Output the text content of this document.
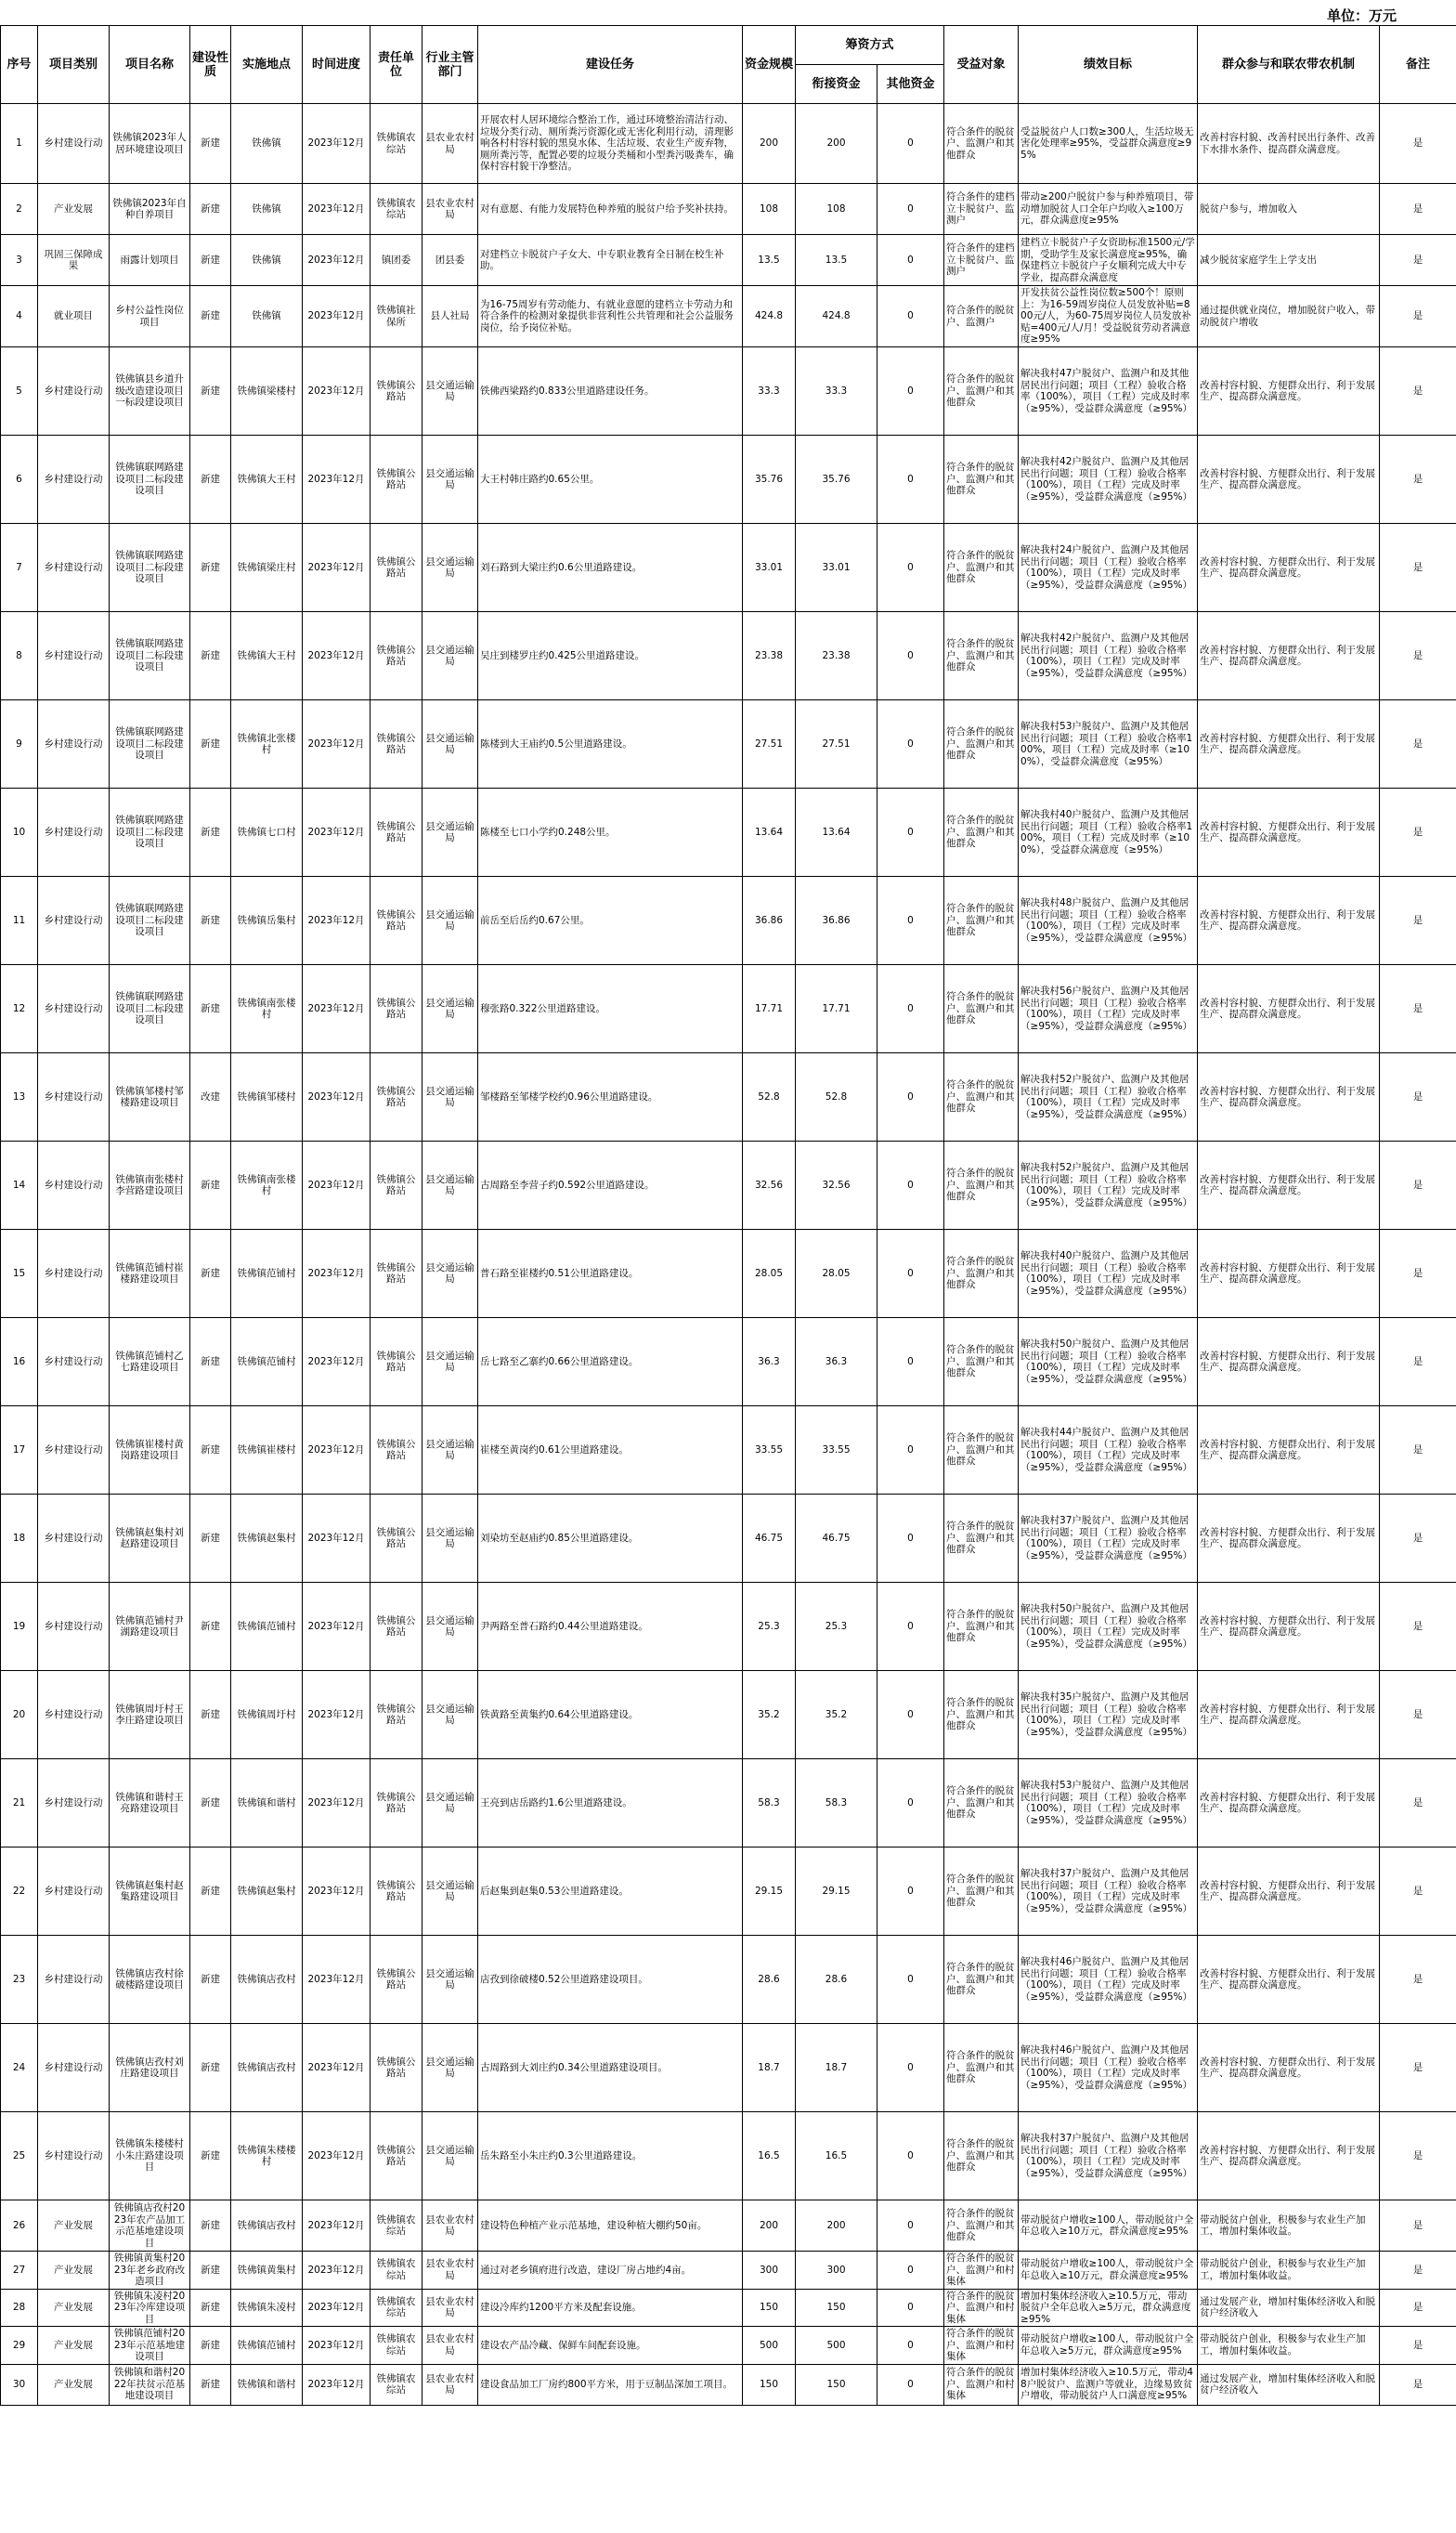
单位：万元
序号	项目类别	项目名称	建设性质	实施地点	时间进度	责任单位	行业主管部门	建设任务	资金规模	筹资方式		受益对象	绩效目标	群众参与和联农带农机制	备注
										衔接资金	其他资金				

1	乡村建设行动	铁佛镇2023年人居环境建设项目	新建	铁佛镇	2023年12月	铁佛镇农综站	县农业农村局	开展农村人居环境综合整治工作，通过环境整治清洁行动、垃圾分类行动、厕所粪污资源化或无害化利用行动，清理影响各村村容村貌的黑臭水体、生活垃圾、农业生产废弃物，厕所粪污等，配置必要的垃圾分类桶和小型粪污吸粪车，确保村容村貌干净整洁。	200	200	0	符合条件的脱贫户、监测户和其他群众	受益脱贫户人口数≥300人，生活垃圾无害化处理率≥95%，受益群众满意度≥95%	改善村容村貌、改善村民出行条件、改善下水排水条件、提高群众满意度。	是

2	产业发展	铁佛镇2023年自种自养项目	新建	铁佛镇	2023年12月	铁佛镇农综站	县农业农村局	对有意愿、有能力发展特色种养殖的脱贫户给予奖补扶持。	108	108	0	符合条件的建档立卡脱贫户、监测户	带动≥200户脱贫户参与种养殖项目，带动增加脱贫人口全年户均收入≥100万元，群众满意度≥95%	脱贫户参与，增加收入	是

3	巩固三保障成果	雨露计划项目	新建	铁佛镇	2023年12月	镇团委	团县委	对建档立卡脱贫户子女大、中专职业教育全日制在校生补助。	13.5	13.5	0	符合条件的建档立卡脱贫户、监测户	建档立卡脱贫户子女资助标准1500元/学期，受助学生及家长满意度≥95%，确保建档立卡脱贫户子女顺利完成大中专学业，提高群众满意度	减少脱贫家庭学生上学支出	是

4	就业项目	乡村公益性岗位项目	新建	铁佛镇	2023年12月	铁佛镇社保所	县人社局	为16-75周岁有劳动能力、有就业意愿的建档立卡劳动力和符合条件的检测对象提供非营利性公共管理和社会公益服务岗位，给予岗位补贴。	424.8	424.8	0	符合条件的脱贫户、监测户	开发扶贫公益性岗位数≥500个！原则上：为16-59周岁岗位人员发放补贴=800元/人，为60-75周岁岗位人员发放补贴=400元/人/月！受益脱贫劳动者满意度≥95%	通过提供就业岗位，增加脱贫户收入，带动脱贫户增收	是

5	乡村建设行动	铁佛镇县乡道升级改造建设项目一标段建设项目	新建	铁佛镇梁楼村	2023年12月	铁佛镇公路站	县交通运输局	铁佛西梁路约0.833公里道路建设任务。	33.3	33.3	0	符合条件的脱贫户、监测户和其他群众	解决我村47户脱贫户、监测户和及其他居民出行问题；项目（工程）验收合格率（100%），项目（工程）完成及时率（≥95%），受益群众满意度（≥95%）	改善村容村貌、方便群众出行、利于发展生产、提高群众满意度。	是

6	乡村建设行动	铁佛镇联网路建设项目二标段建设项目	新建	铁佛镇大王村	2023年12月	铁佛镇公路站	县交通运输局	大王村韩庄路约0.65公里。	35.76	35.76	0	符合条件的脱贫户、监测户和其他群众	解决我村42户脱贫户、监测户及其他居民出行问题；项目（工程）验收合格率（100%），项目（工程）完成及时率（≥95%），受益群众满意度（≥95%）	改善村容村貌、方便群众出行、利于发展生产、提高群众满意度。	是

7	乡村建设行动	铁佛镇联网路建设项目二标段建设项目	新建	铁佛镇梁庄村	2023年12月	铁佛镇公路站	县交通运输局	刘石路到大梁庄约0.6公里道路建设。	33.01	33.01	0	符合条件的脱贫户、监测户和其他群众	解决我村24户脱贫户、监测户及其他居民出行问题；项目（工程）验收合格率（100%），项目（工程）完成及时率（≥95%），受益群众满意度（≥95%）	改善村容村貌、方便群众出行、利于发展生产、提高群众满意度。	是

8	乡村建设行动	铁佛镇联网路建设项目二标段建设项目	新建	铁佛镇大王村	2023年12月	铁佛镇公路站	县交通运输局	吴庄到楼罗庄约0.425公里道路建设。	23.38	23.38	0	符合条件的脱贫户、监测户和其他群众	解决我村42户脱贫户、监测户及其他居民出行问题；项目（工程）验收合格率（100%），项目（工程）完成及时率（≥95%），受益群众满意度（≥95%）	改善村容村貌、方便群众出行、利于发展生产、提高群众满意度。	是

9	乡村建设行动	铁佛镇联网路建设项目二标段建设项目	新建	铁佛镇北张楼村	2023年12月	铁佛镇公路站	县交通运输局	陈楼到大王庙约0.5公里道路建设。	27.51	27.51	0	符合条件的脱贫户、监测户和其他群众	解决我村53户脱贫户、监测户及其他居民出行问题；项目（工程）验收合格率100%，项目（工程）完成及时率（≥100%），受益群众满意度（≥95%）	改善村容村貌、方便群众出行、利于发展生产、提高群众满意度。	是

10	乡村建设行动	铁佛镇联网路建设项目二标段建设项目	新建	铁佛镇七口村	2023年12月	铁佛镇公路站	县交通运输局	陈楼至七口小学约0.248公里。	13.64	13.64	0	符合条件的脱贫户、监测户和其他群众	解决我村40户脱贫户、监测户及其他居民出行问题；项目（工程）验收合格率100%，项目（工程）完成及时率（≥100%），受益群众满意度（≥95%）	改善村容村貌、方便群众出行、利于发展生产、提高群众满意度。	是

11	乡村建设行动	铁佛镇联网路建设项目二标段建设项目	新建	铁佛镇岳集村	2023年12月	铁佛镇公路站	县交通运输局	前岳至后岳约0.67公里。	36.86	36.86	0	符合条件的脱贫户、监测户和其他群众	解决我村48户脱贫户、监测户及其他居民出行问题；项目（工程）验收合格率（100%），项目（工程）完成及时率（≥95%），受益群众满意度（≥95%）	改善村容村貌、方便群众出行、利于发展生产、提高群众满意度。	是

12	乡村建设行动	铁佛镇联网路建设项目二标段建设项目	新建	铁佛镇南张楼村	2023年12月	铁佛镇公路站	县交通运输局	穆张路0.322公里道路建设。	17.71	17.71	0	符合条件的脱贫户、监测户和其他群众	解决我村56户脱贫户、监测户及其他居民出行问题；项目（工程）验收合格率（100%），项目（工程）完成及时率（≥95%），受益群众满意度（≥95%）	改善村容村貌、方便群众出行、利于发展生产、提高群众满意度。	是

13	乡村建设行动	铁佛镇邹楼村邹楼路建设项目	改建	铁佛镇邹楼村	2023年12月	铁佛镇公路站	县交通运输局	邹楼路至邹楼学校约0.96公里道路建设。	52.8	52.8	0	符合条件的脱贫户、监测户和其他群众	解决我村52户脱贫户、监测户及其他居民出行问题；项目（工程）验收合格率（100%），项目（工程）完成及时率（≥95%），受益群众满意度（≥95%）	改善村容村貌、方便群众出行、利于发展生产、提高群众满意度。	是

14	乡村建设行动	铁佛镇南张楼村李营路建设项目	新建	铁佛镇南张楼村	2023年12月	铁佛镇公路站	县交通运输局	古周路至李营子约0.592公里道路建设。	32.56	32.56	0	符合条件的脱贫户、监测户和其他群众	解决我村52户脱贫户、监测户及其他居民出行问题；项目（工程）验收合格率（100%），项目（工程）完成及时率（≥95%），受益群众满意度（≥95%）	改善村容村貌、方便群众出行、利于发展生产、提高群众满意度。	是

15	乡村建设行动	铁佛镇范铺村崔楼路建设项目	新建	铁佛镇范铺村	2023年12月	铁佛镇公路站	县交通运输局	普石路至崔楼约0.51公里道路建设。	28.05	28.05	0	符合条件的脱贫户、监测户和其他群众	解决我村40户脱贫户、监测户及其他居民出行问题；项目（工程）验收合格率（100%），项目（工程）完成及时率（≥95%），受益群众满意度（≥95%）	改善村容村貌、方便群众出行、利于发展生产、提高群众满意度。	是

16	乡村建设行动	铁佛镇范铺村乙七路建设项目	新建	铁佛镇范铺村	2023年12月	铁佛镇公路站	县交通运输局	岳七路至乙寨约0.66公里道路建设。	36.3	36.3	0	符合条件的脱贫户、监测户和其他群众	解决我村50户脱贫户、监测户及其他居民出行问题；项目（工程）验收合格率（100%），项目（工程）完成及时率（≥95%），受益群众满意度（≥95%）	改善村容村貌、方便群众出行、利于发展生产、提高群众满意度。	是

17	乡村建设行动	铁佛镇崔楼村黄岗路建设项目	新建	铁佛镇崔楼村	2023年12月	铁佛镇公路站	县交通运输局	崔楼至黄岗约0.61公里道路建设。	33.55	33.55	0	符合条件的脱贫户、监测户和其他群众	解决我村44户脱贫户、监测户及其他居民出行问题；项目（工程）验收合格率（100%），项目（工程）完成及时率（≥95%），受益群众满意度（≥95%）	改善村容村貌、方便群众出行、利于发展生产、提高群众满意度。	是

18	乡村建设行动	铁佛镇赵集村刘赵路建设项目	新建	铁佛镇赵集村	2023年12月	铁佛镇公路站	县交通运输局	刘染坊至赵庙约0.85公里道路建设。	46.75	46.75	0	符合条件的脱贫户、监测户和其他群众	解决我村37户脱贫户、监测户及其他居民出行问题；项目（工程）验收合格率（100%），项目（工程）完成及时率（≥95%），受益群众满意度（≥95%）	改善村容村貌、方便群众出行、利于发展生产、提高群众满意度。	是

19	乡村建设行动	铁佛镇范铺村尹湖路建设项目	新建	铁佛镇范铺村	2023年12月	铁佛镇公路站	县交通运输局	尹两路至普石路约0.44公里道路建设。	25.3	25.3	0	符合条件的脱贫户、监测户和其他群众	解决我村50户脱贫户、监测户及其他居民出行问题；项目（工程）验收合格率（100%），项目（工程）完成及时率（≥95%），受益群众满意度（≥95%）	改善村容村貌、方便群众出行、利于发展生产、提高群众满意度。	是

20	乡村建设行动	铁佛镇周圩村王李庄路建设项目	新建	铁佛镇周圩村	2023年12月	铁佛镇公路站	县交通运输局	铁黄路至黄集约0.64公里道路建设。	35.2	35.2	0	符合条件的脱贫户、监测户和其他群众	解决我村35户脱贫户、监测户及其他居民出行问题；项目（工程）验收合格率（100%），项目（工程）完成及时率（≥95%），受益群众满意度（≥95%）	改善村容村貌、方便群众出行、利于发展生产、提高群众满意度。	是

21	乡村建设行动	铁佛镇和谐村王亮路建设项目	新建	铁佛镇和谐村	2023年12月	铁佛镇公路站	县交通运输局	王亮到店岳路约1.6公里道路建设。	58.3	58.3	0	符合条件的脱贫户、监测户和其他群众	解决我村53户脱贫户、监测户及其他居民出行问题；项目（工程）验收合格率（100%），项目（工程）完成及时率（≥95%），受益群众满意度（≥95%）	改善村容村貌、方便群众出行、利于发展生产、提高群众满意度。	是

22	乡村建设行动	铁佛镇赵集村赵集路建设项目	新建	铁佛镇赵集村	2023年12月	铁佛镇公路站	县交通运输局	后赵集到赵集0.53公里道路建设。	29.15	29.15	0	符合条件的脱贫户、监测户和其他群众	解决我村37户脱贫户、监测户及其他居民出行问题；项目（工程）验收合格率（100%），项目（工程）完成及时率（≥95%），受益群众满意度（≥95%）	改善村容村貌、方便群众出行、利于发展生产、提高群众满意度。	是

23	乡村建设行动	铁佛镇店孜村徐破楼路建设项目	新建	铁佛镇店孜村	2023年12月	铁佛镇公路站	县交通运输局	店孜到徐破楼0.52公里道路建设项目。	28.6	28.6	0	符合条件的脱贫户、监测户和其他群众	解决我村46户脱贫户、监测户及其他居民出行问题；项目（工程）验收合格率（100%），项目（工程）完成及时率（≥95%），受益群众满意度（≥95%）	改善村容村貌、方便群众出行、利于发展生产、提高群众满意度。	是

24	乡村建设行动	铁佛镇店孜村刘庄路建设项目	新建	铁佛镇店孜村	2023年12月	铁佛镇公路站	县交通运输局	古周路到大刘庄约0.34公里道路建设项目。	18.7	18.7	0	符合条件的脱贫户、监测户和其他群众	解决我村46户脱贫户、监测户及其他居民出行问题；项目（工程）验收合格率（100%），项目（工程）完成及时率（≥95%），受益群众满意度（≥95%）	改善村容村貌、方便群众出行、利于发展生产、提高群众满意度。	是

25	乡村建设行动	铁佛镇朱楼楼村小朱庄路建设项目	新建	铁佛镇朱楼楼村	2023年12月	铁佛镇公路站	县交通运输局	岳朱路至小朱庄约0.3公里道路建设。	16.5	16.5	0	符合条件的脱贫户、监测户和其他群众	解决我村37户脱贫户、监测户及其他居民出行问题；项目（工程）验收合格率（100%），项目（工程）完成及时率（≥95%），受益群众满意度（≥95%）	改善村容村貌、方便群众出行、利于发展生产、提高群众满意度。	是

26	产业发展	铁佛镇店孜村2023年农产品加工示范基地建设项目	新建	铁佛镇店孜村	2023年12月	铁佛镇农综站	县农业农村局	建设特色种植产业示范基地，建设种植大棚约50亩。	200	200	0	符合条件的脱贫户、监测户和其他群众	带动脱贫户增收≥100人，带动脱贫户全年总收入≥10万元，群众满意度≥95%	带动脱贫户创业，积极参与农业生产加工，增加村集体收益。	是

27	产业发展	铁佛镇黄集村2023年老乡政府改造项目	新建	铁佛镇黄集村	2023年12月	铁佛镇农综站	县农业农村局	通过对老乡镇府进行改造，建设厂房占地约4亩。	300	300	0	符合条件的脱贫户、监测户和村集体	带动脱贫户增收≥100人，带动脱贫户全年总收入≥10万元，群众满意度≥95%	带动脱贫户创业，积极参与农业生产加工，增加村集体收益。	是

28	产业发展	铁佛镇朱凌村2023年冷库建设项目	新建	铁佛镇朱凌村	2023年12月	铁佛镇农综站	县农业农村局	建设冷库约1200平方米及配套设施。	150	150	0	符合条件的脱贫户、监测户和村集体	增加村集体经济收入≥10.5万元，带动脱贫户全年总收入≥5万元，群众满意度≥95%	通过发展产业，增加村集体经济收入和脱贫户经济收入	是

29	产业发展	铁佛镇范铺村2023年示范基地建设项目	新建	铁佛镇范铺村	2023年12月	铁佛镇农综站	县农业农村局	建设农产品冷藏、保鲜车间配套设施。	500	500	0	符合条件的脱贫户、监测户和村集体	带动脱贫户增收≥100人，带动脱贫户全年总收入≥5万元，群众满意度≥95%	带动脱贫户创业，积极参与农业生产加工，增加村集体收益。	是

30	产业发展	铁佛镇和谐村2022年扶贫示范基地建设项目	新建	铁佛镇和谐村	2023年12月	铁佛镇农综站	县农业农村局	建设食品加工厂房约800平方米，用于豆制品深加工项目。	150	150	0	符合条件的脱贫户、监测户和村集体	增加村集体经济收入≥10.5万元，带动48户脱贫户、监测户等就业，边缘易致贫户增收，带动脱贫户人口满意度≥95%	通过发展产业，增加村集体经济收入和脱贫户经济收入	是
